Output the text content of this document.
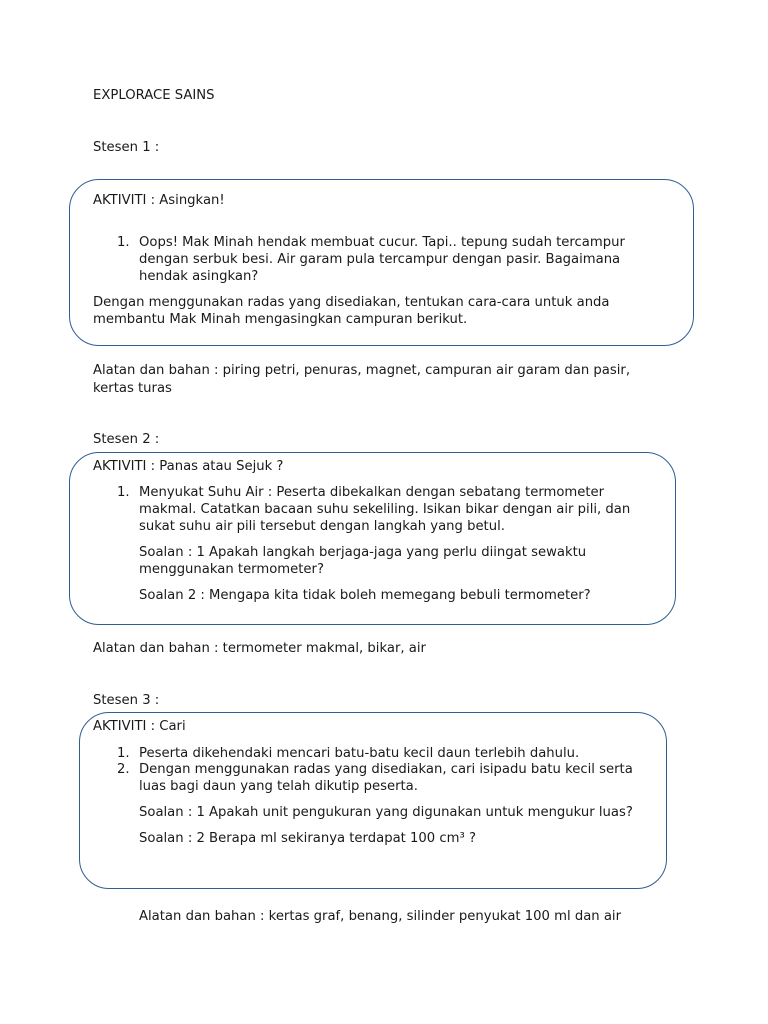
EXPLORACE SAINS
Stesen 1 :
AKTIVITI : Asingkan!
1. Oops! Mak Minah hendak membuat cucur. Tapi.. tepung sudah tercampur
dengan serbuk besi. Air garam pula tercampur dengan pasir. Bagaimana
hendak asingkan?
Dengan menggunakan radas yang disediakan, tentukan cara-cara untuk anda
membantu Mak Minah mengasingkan campuran berikut.
Alatan dan bahan : piring petri, penuras, magnet, campuran air garam dan pasir,
kertas turas
Stesen 2 :
AKTIVITI : Panas atau Sejuk ?
1. Menyukat Suhu Air : Peserta dibekalkan dengan sebatang termometer
makmal. Catatkan bacaan suhu sekeliling. Isikan bikar dengan air pili, dan
sukat suhu air pili tersebut dengan langkah yang betul.
Soalan : 1 Apakah langkah berjaga-jaga yang perlu diingat sewaktu
menggunakan termometer?
Soalan 2 : Mengapa kita tidak boleh memegang bebuli termometer?
Alatan dan bahan : termometer makmal, bikar, air
Stesen 3 :
AKTIVITI : Cari
1. Peserta dikehendaki mencari batu-batu kecil daun terlebih dahulu.
2. Dengan menggunakan radas yang disediakan, cari isipadu batu kecil serta
luas bagi daun yang telah dikutip peserta.
Soalan : 1 Apakah unit pengukuran yang digunakan untuk mengukur luas?
Soalan : 2 Berapa ml sekiranya terdapat 100 cm³ ?
Alatan dan bahan : kertas graf, benang, silinder penyukat 100 ml dan air
